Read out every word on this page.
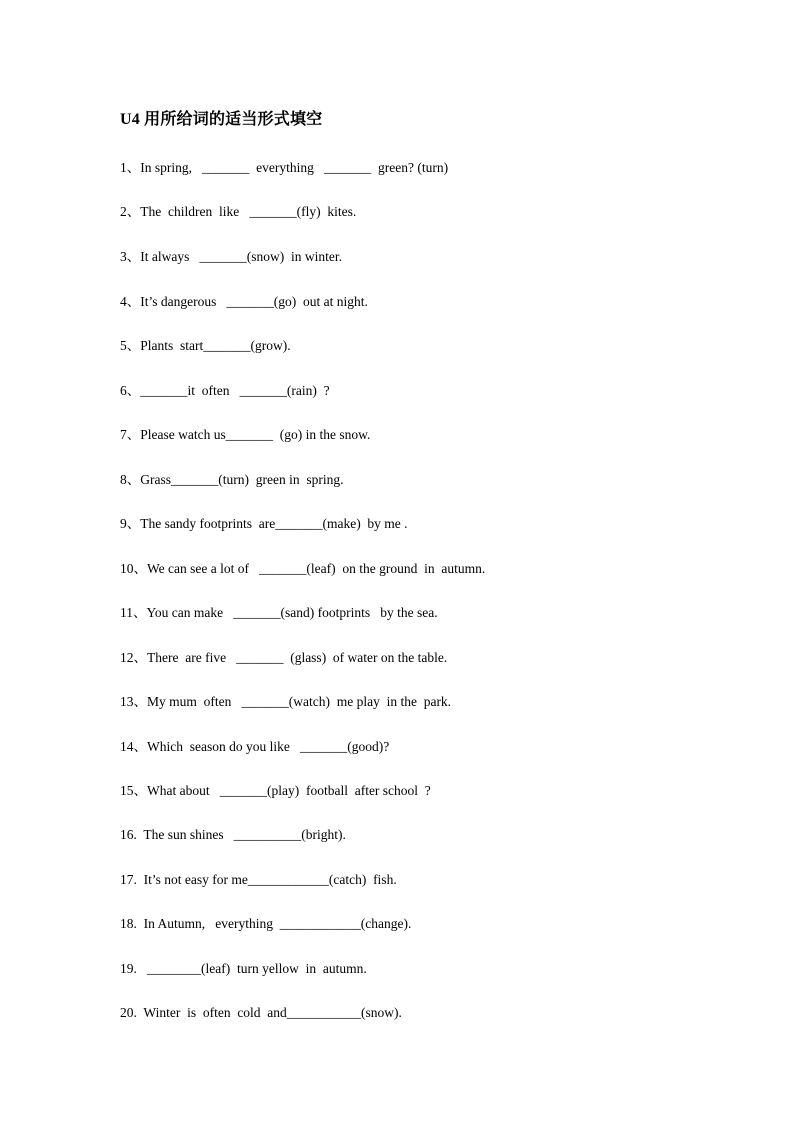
U4 用所给词的适当形式填空
1、In spring,   _______  everything   _______  green? (turn)
2、The  children  like   _______(fly)  kites.
3、It always   _______(snow)  in winter.
4、It’s dangerous   _______(go)  out at night.
5、Plants  start_______(grow).
6、_______it  often   _______(rain)  ?
7、Please watch us_______  (go) in the snow.
8、Grass_______(turn)  green in  spring.
9、The sandy footprints  are_______(make)  by me .
10、We can see a lot of   _______(leaf)  on the ground  in  autumn.
11、You can make   _______(sand) footprints   by the sea.
12、There  are five   _______  (glass)  of water on the table.
13、My mum  often   _______(watch)  me play  in the  park.
14、Which  season do you like   _______(good)?
15、What about   _______(play)  football  after school  ?
16.  The sun shines   __________(bright).
17.  It’s not easy for me____________(catch)  fish.
18.  In Autumn,   everything  ____________(change).
19.   ________(leaf)  turn yellow  in  autumn.
20.  Winter  is  often  cold  and___________(snow).
